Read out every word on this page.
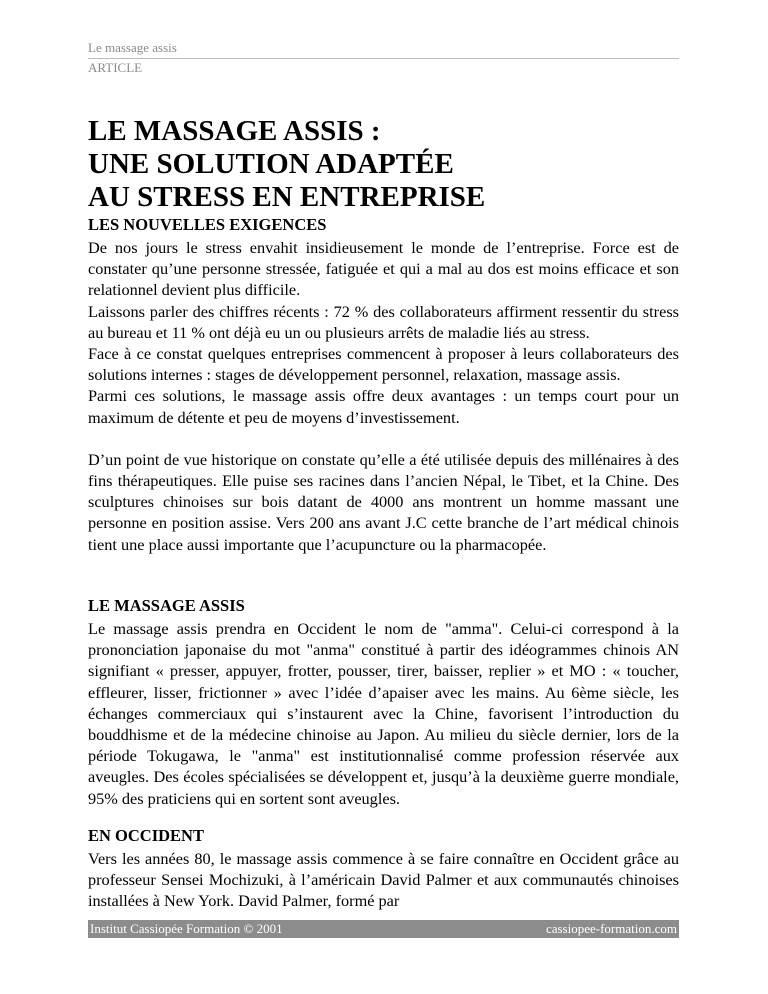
Le massage assis
ARTICLE
LE MASSAGE ASSIS :
UNE SOLUTION ADAPTÉE
AU STRESS EN ENTREPRISE
LES NOUVELLES EXIGENCES

De nos jours le stress envahit insidieusement le monde de l’entreprise. Force est de constater qu’une personne stressée, fatiguée et qui a mal au dos est moins efficace et son relationnel devient plus difficile.

Laissons parler des chiffres récents : 72 % des collaborateurs affirment ressentir du stress au bureau et 11 % ont déjà eu un ou plusieurs arrêts de maladie liés au stress.

Face à ce constat quelques entreprises commencent à proposer à leurs collaborateurs des solutions internes : stages de développement personnel, relaxation, massage assis.

Parmi ces solutions, le massage assis offre deux avantages : un temps court pour un maximum de détente et peu de moyens d’investissement.

D’un point de vue historique on constate qu’elle a été utilisée depuis des millénaires à des fins thérapeutiques. Elle puise ses racines dans l’ancien Népal, le Tibet, et la Chine. Des sculptures chinoises sur bois datant de 4000 ans montrent un homme massant une personne en position assise. Vers 200 ans avant J.C cette branche de l’art médical chinois tient une place aussi importante que l’acupuncture ou la pharmacopée.

LE MASSAGE ASSIS

Le massage assis prendra en Occident le nom de "amma". Celui-ci correspond à la prononciation japonaise du mot "anma" constitué à partir des idéogrammes chinois AN signifiant « presser, appuyer, frotter, pousser, tirer, baisser, replier » et MO : « toucher, effleurer, lisser, frictionner » avec l’idée d’apaiser avec les mains. Au 6ème siècle, les échanges commerciaux qui s’instaurent avec la Chine, favorisent l’introduction du bouddhisme et de la médecine chinoise au Japon. Au milieu du siècle dernier, lors de la période Tokugawa, le "anma" est institutionnalisé comme profession réservée aux aveugles. Des écoles spécialisées se développent et, jusqu’à la deuxième guerre mondiale, 95% des praticiens qui en sortent sont aveugles.

EN OCCIDENT

Vers les années 80, le massage assis commence à se faire connaître en Occident grâce au professeur Sensei Mochizuki, à l’américain David Palmer et aux communautés chinoises installées à New York. David Palmer, formé par

Institut Cassiopée Formation © 2001	cassiopee-formation.com
